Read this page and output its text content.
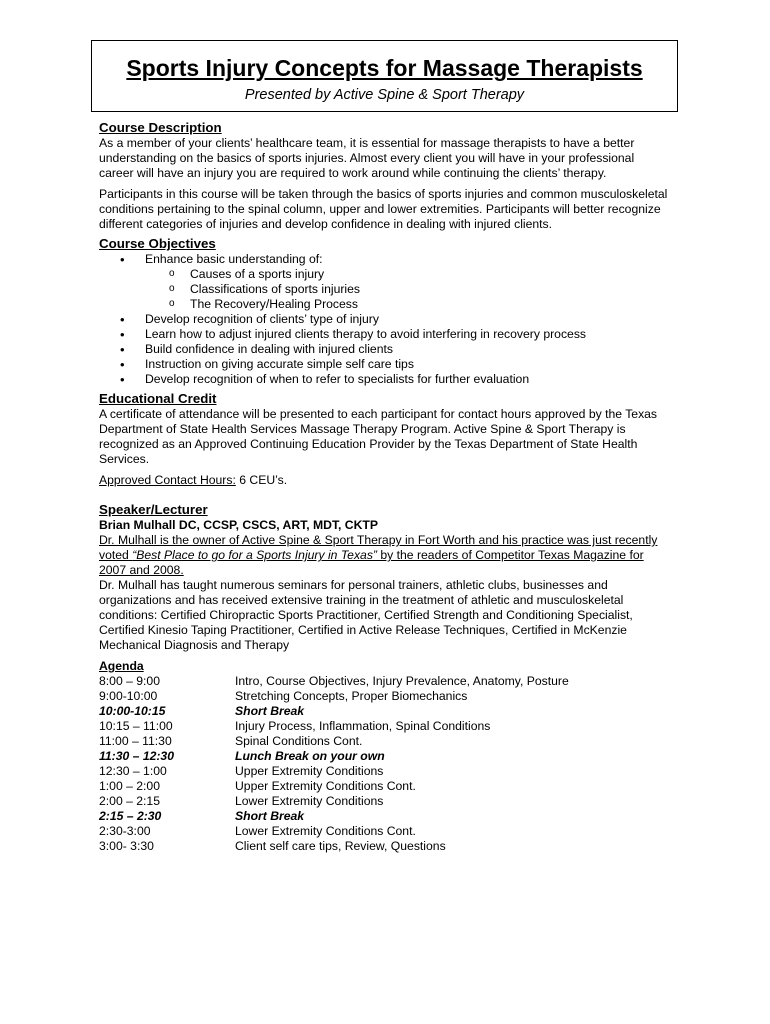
Sports Injury Concepts for Massage Therapists
Presented by Active Spine & Sport Therapy
Course Description

As a member of your clients’ healthcare team, it is essential for massage therapists to have a better understanding on the basics of sports injuries. Almost every client you will have in your professional career will have an injury you are required to work around while continuing the clients’ therapy.

Participants in this course will be taken through the basics of sports injuries and common musculoskeletal conditions pertaining to the spinal column, upper and lower extremities. Participants will better recognize different categories of injuries and develop confidence in dealing with injured clients.

Course Objectives
• Enhance basic understanding of:
o Causes of a sports injury
o Classifications of sports injuries
o The Recovery/Healing Process
• Develop recognition of clients’ type of injury
• Learn how to adjust injured clients therapy to avoid interfering in recovery process
• Build confidence in dealing with injured clients
• Instruction on giving accurate simple self care tips
• Develop recognition of when to refer to specialists for further evaluation
Educational Credit

A certificate of attendance will be presented to each participant for contact hours approved by the Texas Department of State Health Services Massage Therapy Program. Active Spine & Sport Therapy is recognized as an Approved Continuing Education Provider by the Texas Department of State Health Services.

Approved Contact Hours: 6 CEU’s.

Speaker/Lecturer
Brian Mulhall DC, CCSP, CSCS, ART, MDT, CKTP

Dr. Mulhall is the owner of Active Spine & Sport Therapy in Fort Worth and his practice was just recently voted “Best Place to go for a Sports Injury in Texas” by the readers of Competitor Texas Magazine for 2007 and 2008.

Dr. Mulhall has taught numerous seminars for personal trainers, athletic clubs, businesses and organizations and has received extensive training in the treatment of athletic and musculoskeletal conditions: Certified Chiropractic Sports Practitioner, Certified Strength and Conditioning Specialist, Certified Kinesio Taping Practitioner, Certified in Active Release Techniques, Certified in McKenzie Mechanical Diagnosis and Therapy

Agenda
8:00 – 9:00	Intro, Course Objectives, Injury Prevalence, Anatomy, Posture
9:00-10:00	Stretching Concepts, Proper Biomechanics
10:00-10:15	Short Break
10:15 – 11:00	Injury Process, Inflammation, Spinal Conditions
11:00 – 11:30	Spinal Conditions Cont.
11:30 – 12:30	Lunch Break on your own
12:30 – 1:00	Upper Extremity Conditions
1:00 – 2:00	Upper Extremity Conditions Cont.
2:00 – 2:15	Lower Extremity Conditions
2:15 – 2:30	Short Break
2:30-3:00	Lower Extremity Conditions Cont.
3:00- 3:30	Client self care tips, Review, Questions
